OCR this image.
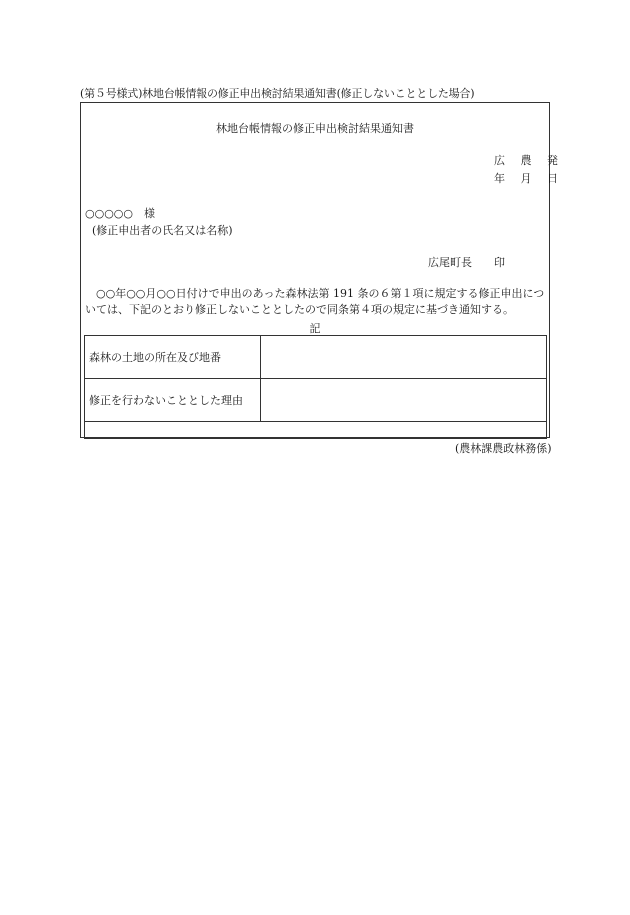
(第５号様式)林地台帳情報の修正申出検討結果通知書(修正しないこととした場合)
林地台帳情報の修正申出検討結果通知書
広 農 発
年 月 日
○○○○○　様
(修正申出者の氏名又は名称)
広尾町長 印
○○年○○月○○日付けで申出のあった森林法第 191 条の６第１項に規定する修正申出については、下記のとおり修正しないこととしたので同条第４項の規定に基づき通知する。
記
森林の土地の所在及び地番	
修正を行わないこととした理由	

(農林課農政林務係)
